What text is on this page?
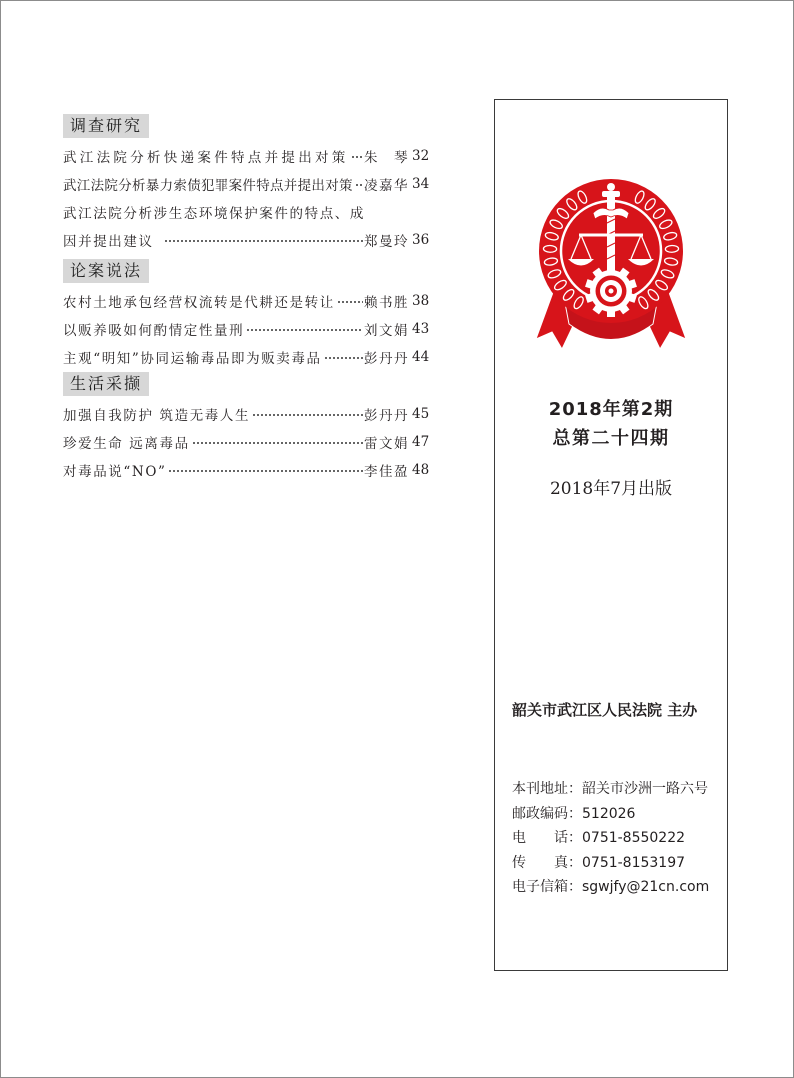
调查研究
武江法院分析快递案件特点并提出对策 朱　琴 32
武江法院分析暴力索债犯罪案件特点并提出对策 凌嘉华 34
武江法院分析涉生态环境保护案件的特点、成
因并提出建议	郑曼玲 36
论案说法
农村土地承包经营权流转是代耕还是转让 赖书胜 38
以贩养吸如何酌情定性量刑	刘文娟 43
主观“明知”协同运输毒品即为贩卖毒品	彭丹丹 44
生活采撷
加强自我防护 筑造无毒人生	彭丹丹 45
珍爱生命 远离毒品	雷文娟 47
对毒品说“NO”	李佳盈 48
2018年第2期
总第二十四期
2018年7月出版
韶关市武江区人民法院 主办
本刊地址：韶关市沙洲一路六号
邮政编码：512026
电　　话：0751-8550222
传　　真：0751-8153197
电子信箱：sgwjfy@21cn.com
